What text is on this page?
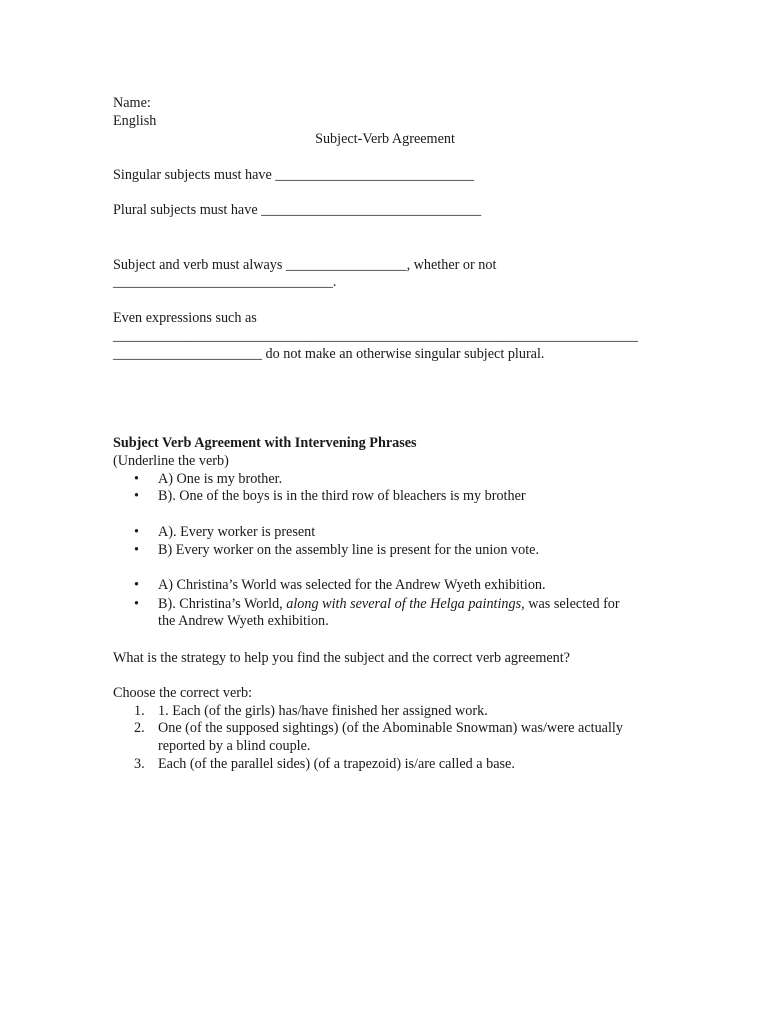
Name:
English
Subject-Verb Agreement
Singular subjects must have ____________________________
Plural subjects must have _______________________________
Subject and verb must always _________________, whether or not
_______________________________.
Even expressions such as
__________________________________________________________________________
_____________________ do not make an otherwise singular subject plural.
Subject Verb Agreement with Intervening Phrases
(Underline the verb)
• A) One is my brother.
• B). One of the boys is in the third row of bleachers is my brother
• A). Every worker is present
• B) Every worker on the assembly line is present for the union vote.
• A) Christina’s World was selected for the Andrew Wyeth exhibition.
• B). Christina’s World, along with several of the Helga paintings, was selected for
the Andrew Wyeth exhibition.
What is the strategy to help you find the subject and the correct verb agreement?
Choose the correct verb:
1. 1. Each (of the girls) has/have finished her assigned work.
2. One (of the supposed sightings) (of the Abominable Snowman) was/were actually
reported by a blind couple.
3. Each (of the parallel sides) (of a trapezoid) is/are called a base.
